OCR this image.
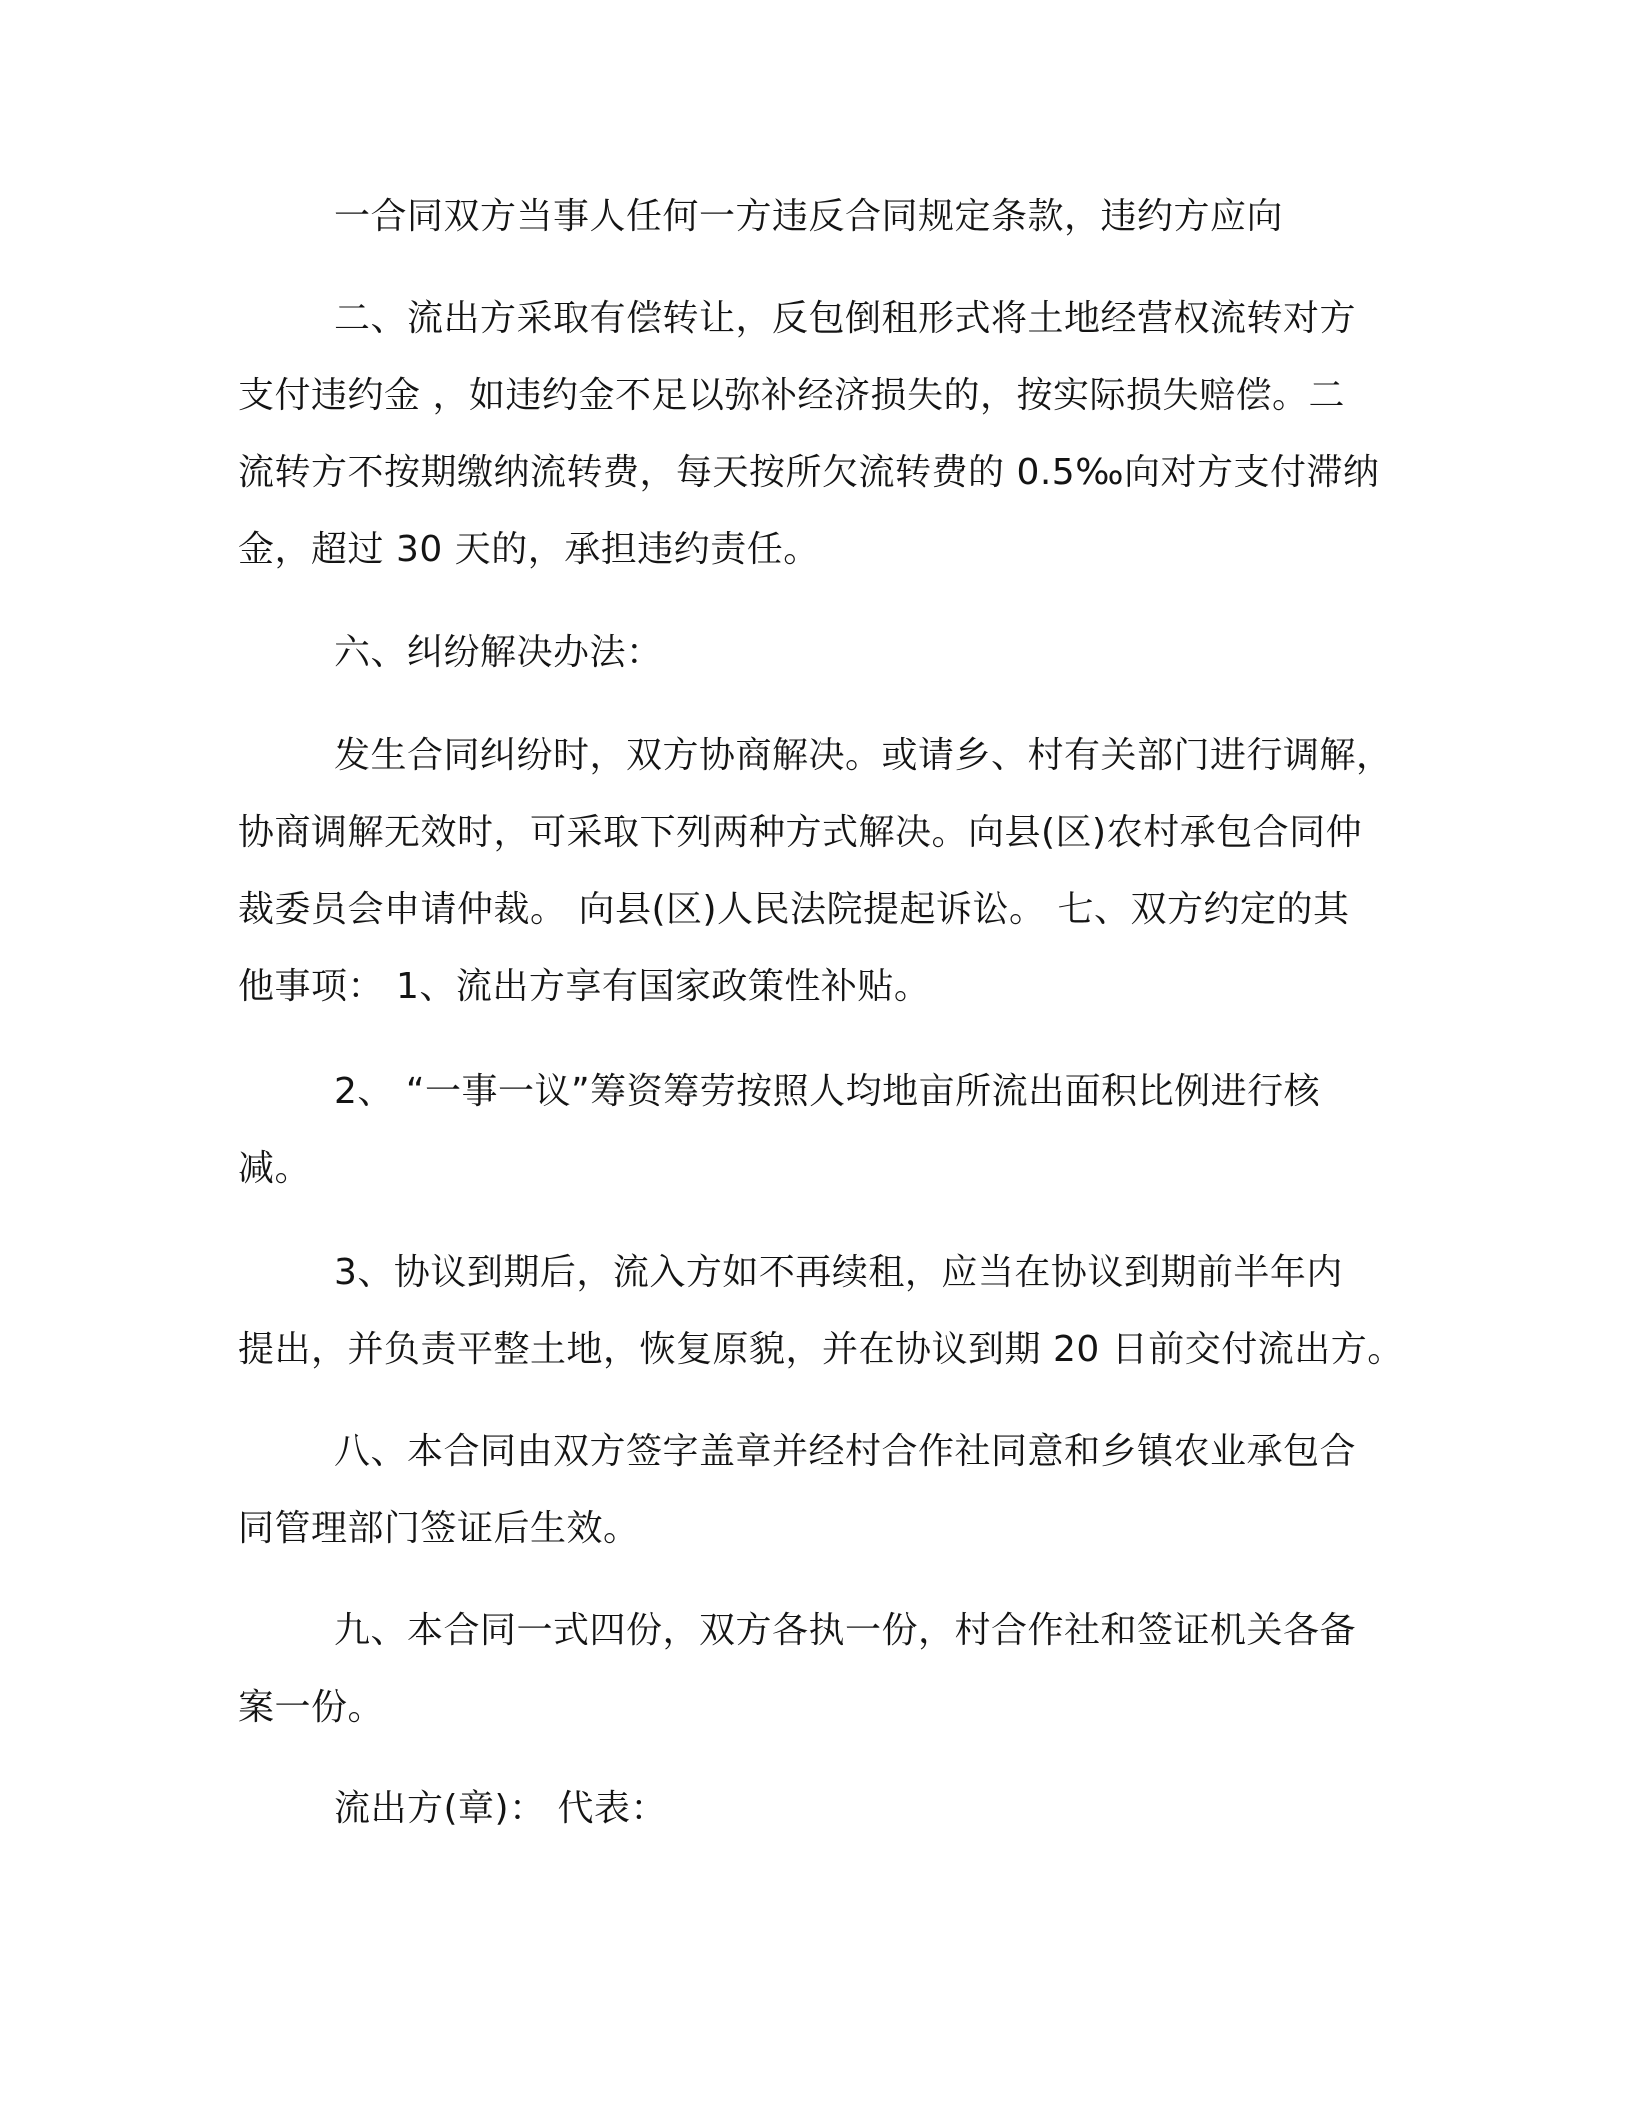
一合同双方当事人任何一方违反合同规定条款，违约方应向

二、流出方采取有偿转让，反包倒租形式将土地经营权流转对方
支付违约金 ，如违约金不足以弥补经济损失的，按实际损失赔偿。二
流转方不按期缴纳流转费，每天按所欠流转费的 0.5‰向对方支付滞纳
金，超过 30 天的，承担违约责任。

六、纠纷解决办法：

发生合同纠纷时，双方协商解决。或请乡、村有关部门进行调解，
协商调解无效时，可采取下列两种方式解决。向县(区)农村承包合同仲
裁委员会申请仲裁。 向县(区)人民法院提起诉讼。 七、双方约定的其
他事项： 1、流出方享有国家政策性补贴。

2、 “一事一议”筹资筹劳按照人均地亩所流出面积比例进行核
减。

3、协议到期后，流入方如不再续租，应当在协议到期前半年内
提出，并负责平整土地，恢复原貌，并在协议到期 20 日前交付流出方。

八、本合同由双方签字盖章并经村合作社同意和乡镇农业承包合
同管理部门签证后生效。

九、本合同一式四份，双方各执一份，村合作社和签证机关各备
案一份。

流出方(章)： 代表：
